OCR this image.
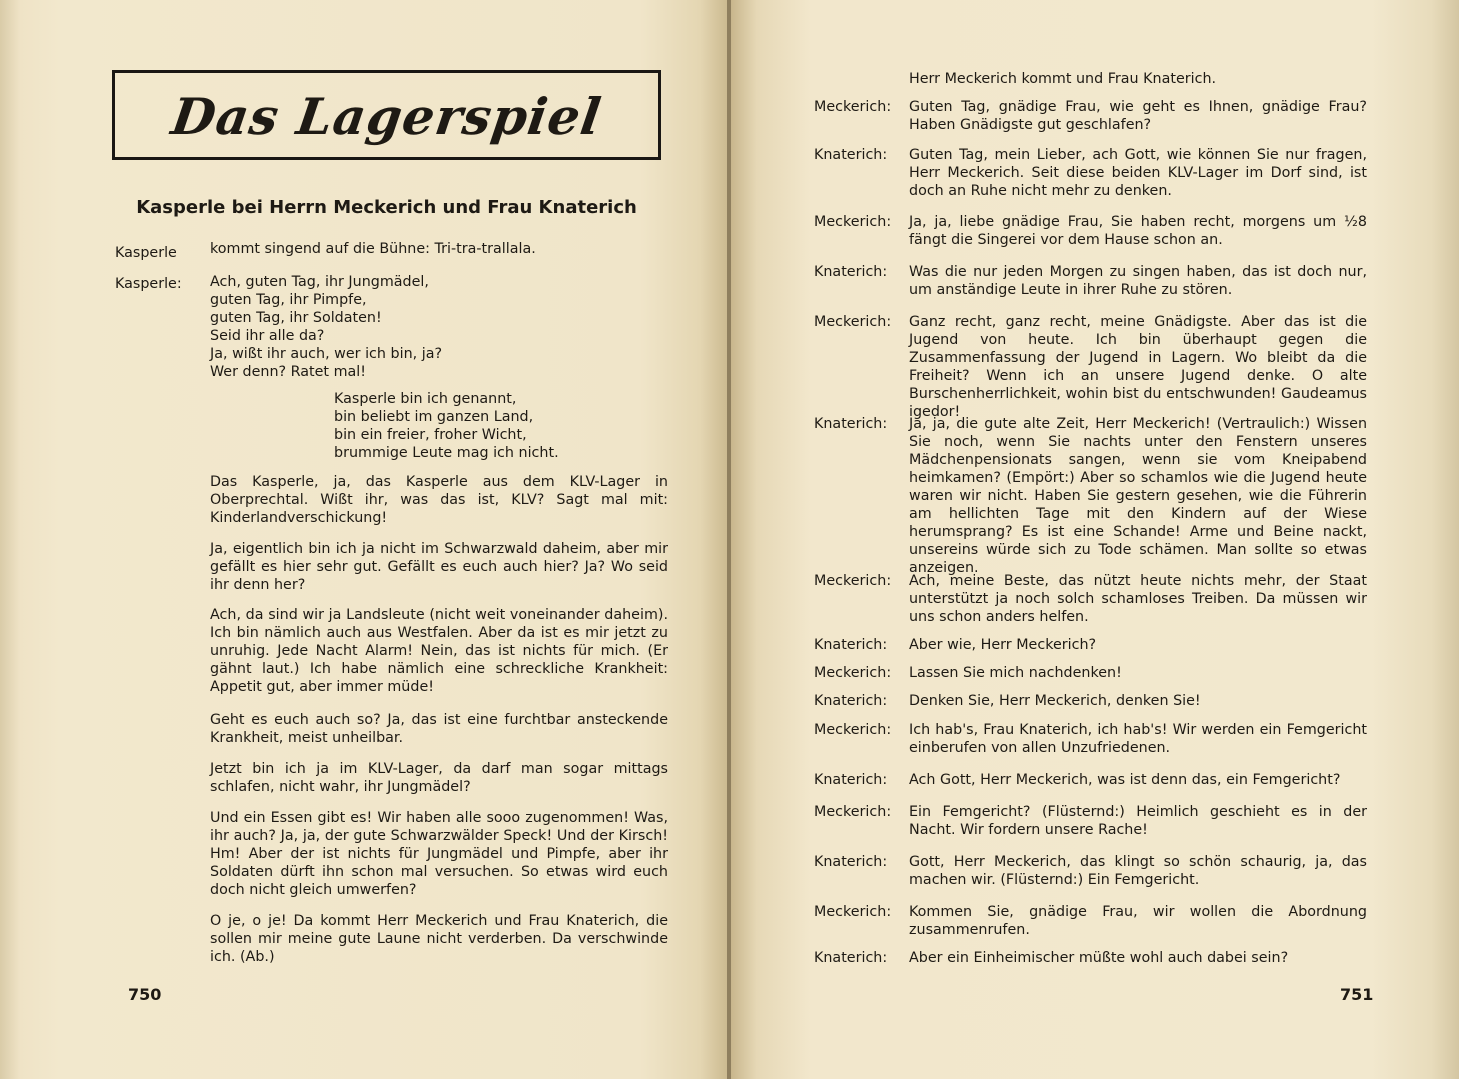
Das Lagerspiel
Kasperle bei Herrn Meckerich und Frau Knaterich
Kasperle kommt singend auf die Bühne: Tri-tra-trallala.
Kasperle: Ach, guten Tag, ihr Jungmädel,
guten Tag, ihr Pimpfe,
guten Tag, ihr Soldaten!
Seid ihr alle da?
Ja, wißt ihr auch, wer ich bin, ja?
Wer denn? Ratet mal!
Kasperle bin ich genannt,
bin beliebt im ganzen Land,
bin ein freier, froher Wicht,
brummige Leute mag ich nicht.
Das Kasperle, ja, das Kasperle aus dem KLV-Lager in Oberprechtal. Wißt ihr, was das ist, KLV? Sagt mal mit: Kinderlandverschickung!
Ja, eigentlich bin ich ja nicht im Schwarzwald daheim, aber mir gefällt es hier sehr gut. Gefällt es euch auch hier? Ja? Wo seid ihr denn her?
Ach, da sind wir ja Landsleute (nicht weit voneinander daheim). Ich bin nämlich auch aus Westfalen. Aber da ist es mir jetzt zu unruhig. Jede Nacht Alarm! Nein, das ist nichts für mich. (Er gähnt laut.) Ich habe nämlich eine schreckliche Krankheit: Appetit gut, aber immer müde!
Geht es euch auch so? Ja, das ist eine furchtbar ansteckende Krankheit, meist unheilbar.
Jetzt bin ich ja im KLV-Lager, da darf man sogar mittags schlafen, nicht wahr, ihr Jungmädel?
Und ein Essen gibt es! Wir haben alle sooo zugenommen! Was, ihr auch? Ja, ja, der gute Schwarzwälder Speck! Und der Kirsch! Hm! Aber der ist nichts für Jungmädel und Pimpfe, aber ihr Soldaten dürft ihn schon mal versuchen. So etwas wird euch doch nicht gleich umwerfen?
O je, o je! Da kommt Herr Meckerich und Frau Knaterich, die sollen mir meine gute Laune nicht verderben. Da verschwinde ich. (Ab.)
750
Herr Meckerich kommt und Frau Knaterich.
Meckerich: Guten Tag, gnädige Frau, wie geht es Ihnen, gnädige Frau? Haben Gnädigste gut geschlafen?
Knaterich: Guten Tag, mein Lieber, ach Gott, wie können Sie nur fragen, Herr Meckerich. Seit diese beiden KLV-Lager im Dorf sind, ist doch an Ruhe nicht mehr zu denken.
Meckerich: Ja, ja, liebe gnädige Frau, Sie haben recht, morgens um ½8 fängt die Singerei vor dem Hause schon an.
Knaterich: Was die nur jeden Morgen zu singen haben, das ist doch nur, um anständige Leute in ihrer Ruhe zu stören.
Meckerich: Ganz recht, ganz recht, meine Gnädigste. Aber das ist die Jugend von heute. Ich bin überhaupt gegen die Zusammenfassung der Jugend in Lagern. Wo bleibt da die Freiheit? Wenn ich an unsere Jugend denke. O alte Burschenherrlichkeit, wohin bist du entschwunden! Gaudeamus igedor!
Knaterich: Ja, ja, die gute alte Zeit, Herr Meckerich! (Vertraulich:) Wissen Sie noch, wenn Sie nachts unter den Fenstern unseres Mädchenpensionats sangen, wenn sie vom Kneipabend heimkamen? (Empört:) Aber so schamlos wie die Jugend heute waren wir nicht. Haben Sie gestern gesehen, wie die Führerin am hellichten Tage mit den Kindern auf der Wiese herumsprang? Es ist eine Schande! Arme und Beine nackt, unsereins würde sich zu Tode schämen. Man sollte so etwas anzeigen.
Meckerich: Ach, meine Beste, das nützt heute nichts mehr, der Staat unterstützt ja noch solch schamloses Treiben. Da müssen wir uns schon anders helfen.
Knaterich: Aber wie, Herr Meckerich?
Meckerich: Lassen Sie mich nachdenken!
Knaterich: Denken Sie, Herr Meckerich, denken Sie!
Meckerich: Ich hab's, Frau Knaterich, ich hab's! Wir werden ein Femgericht einberufen von allen Unzufriedenen.
Knaterich: Ach Gott, Herr Meckerich, was ist denn das, ein Femgericht?
Meckerich: Ein Femgericht? (Flüsternd:) Heimlich geschieht es in der Nacht. Wir fordern unsere Rache!
Knaterich: Gott, Herr Meckerich, das klingt so schön schaurig, ja, das machen wir. (Flüsternd:) Ein Femgericht.
Meckerich: Kommen Sie, gnädige Frau, wir wollen die Abordnung zusammenrufen.
Knaterich: Aber ein Einheimischer müßte wohl auch dabei sein?
751
